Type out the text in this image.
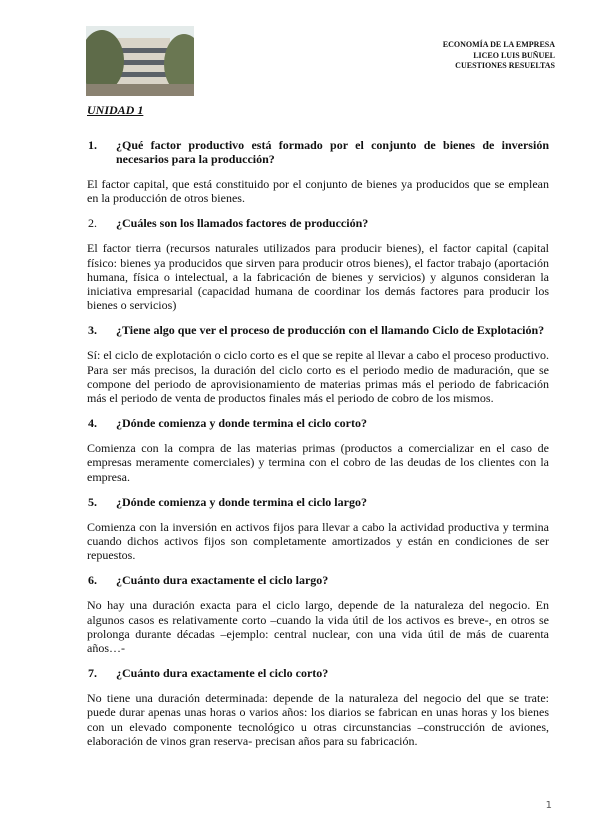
ECONOMÍA DE LA EMPRESA
LICEO LUIS BUÑUEL
CUESTIONES RESUELTAS
UNIDAD 1
1.	¿Qué factor productivo está formado por el conjunto de bienes de inversión necesarios para la producción?
El factor capital, que está constituido por el conjunto de bienes ya producidos que se emplean en la producción de otros bienes.
2.	¿Cuáles son los llamados factores de producción?
El factor tierra (recursos naturales utilizados para producir bienes), el factor capital (capital físico: bienes ya producidos que sirven para producir otros bienes), el factor trabajo (aportación humana, física o intelectual, a la fabricación de bienes y servicios) y algunos consideran la iniciativa empresarial (capacidad humana de coordinar los demás factores para producir los bienes o servicios)
3.	¿Tiene algo que ver el proceso de producción con el llamando Ciclo de Explotación?
Sí: el ciclo de explotación o ciclo corto es el que se repite al llevar a cabo el proceso productivo. Para ser más precisos, la duración del ciclo corto es el periodo medio de maduración, que se compone del periodo de aprovisionamiento de materias primas más el periodo de fabricación más el periodo de venta de productos finales más el periodo de cobro de los mismos.
4.	¿Dónde comienza y donde termina el ciclo corto?
Comienza con la compra de las materias primas (productos a comercializar en el caso de empresas meramente comerciales) y termina con el cobro de las deudas de los clientes con la empresa.
5.	¿Dónde comienza y donde termina el ciclo largo?
Comienza con la inversión en activos fijos para llevar a cabo la actividad productiva y termina cuando dichos activos fijos son completamente amortizados y están en condiciones de ser repuestos.
6.	¿Cuánto dura exactamente el ciclo largo?
No hay una duración exacta para el ciclo largo, depende de la naturaleza del negocio. En algunos casos es relativamente corto –cuando la vida útil de los activos es breve-, en otros se prolonga durante décadas –ejemplo: central nuclear, con una vida útil de más de cuarenta años…-
7.	¿Cuánto dura exactamente el ciclo corto?
No tiene una duración determinada: depende de la naturaleza del negocio del que se trate: puede durar apenas unas horas o varios años: los diarios se fabrican en unas horas y los bienes con un elevado componente tecnológico u otras circunstancias –construcción de aviones, elaboración de vinos gran reserva- precisan años para su fabricación.
1
